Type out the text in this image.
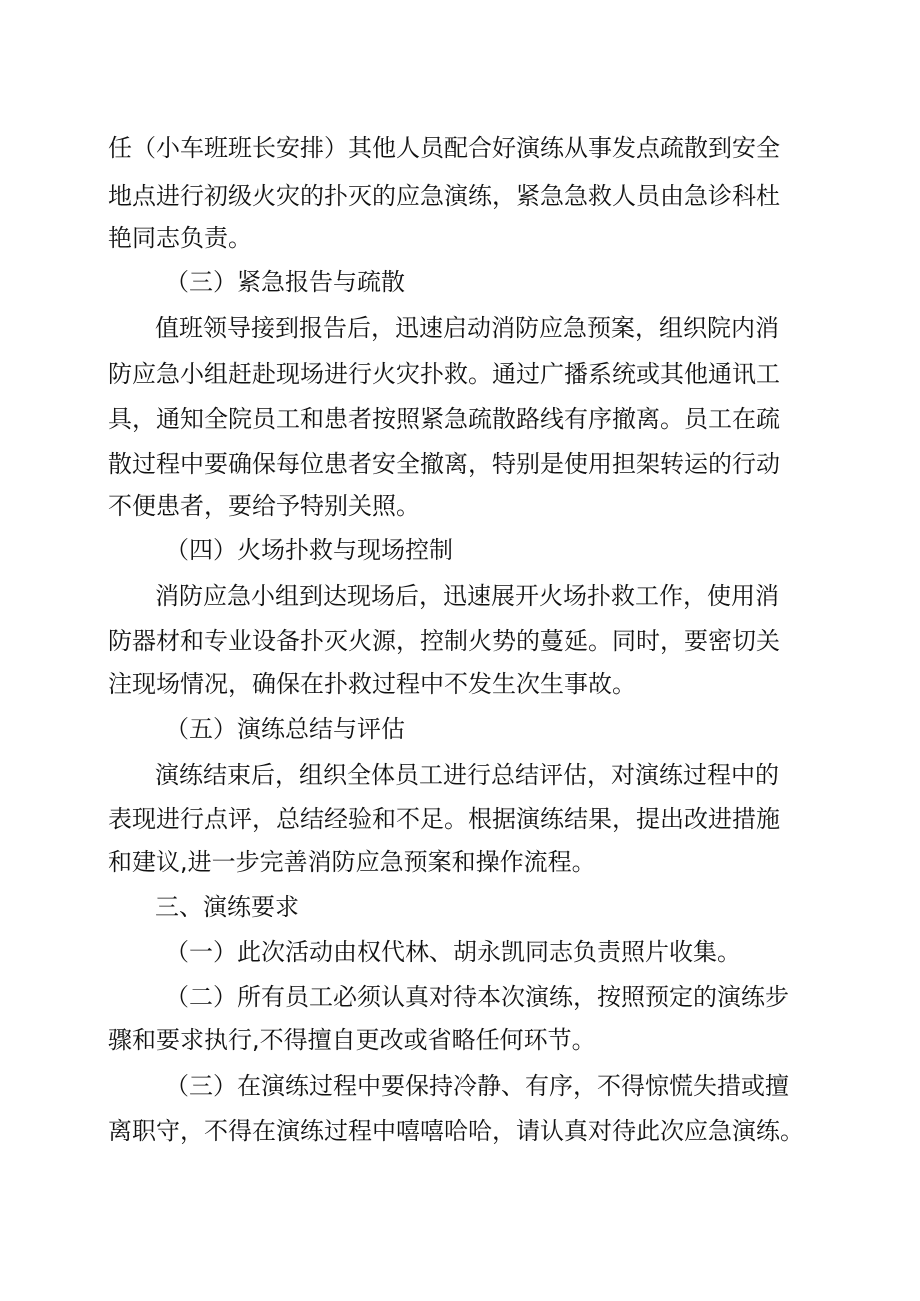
任（小车班班长安排）其他人员配合好演练从事发点疏散到安全
地点进行初级火灾的扑灭的应急演练，紧急急救人员由急诊科杜
艳同志负责。
（三）紧急报告与疏散
值班领导接到报告后，迅速启动消防应急预案，组织院内消
防应急小组赶赴现场进行火灾扑救。通过广播系统或其他通讯工
具，通知全院员工和患者按照紧急疏散路线有序撤离。员工在疏
散过程中要确保每位患者安全撤离，特别是使用担架转运的行动
不便患者，要给予特别关照。
（四）火场扑救与现场控制
消防应急小组到达现场后，迅速展开火场扑救工作，使用消
防器材和专业设备扑灭火源，控制火势的蔓延。同时，要密切关
注现场情况，确保在扑救过程中不发生次生事故。
（五）演练总结与评估
演练结束后，组织全体员工进行总结评估，对演练过程中的
表现进行点评，总结经验和不足。根据演练结果，提出改进措施
和建议,进一步完善消防应急预案和操作流程。
三、演练要求
（一）此次活动由权代林、胡永凯同志负责照片收集。
（二）所有员工必须认真对待本次演练，按照预定的演练步
骤和要求执行,不得擅自更改或省略任何环节。
（三）在演练过程中要保持冷静、有序，不得惊慌失措或擅
离职守，不得在演练过程中嘻嘻哈哈，请认真对待此次应急演练。
